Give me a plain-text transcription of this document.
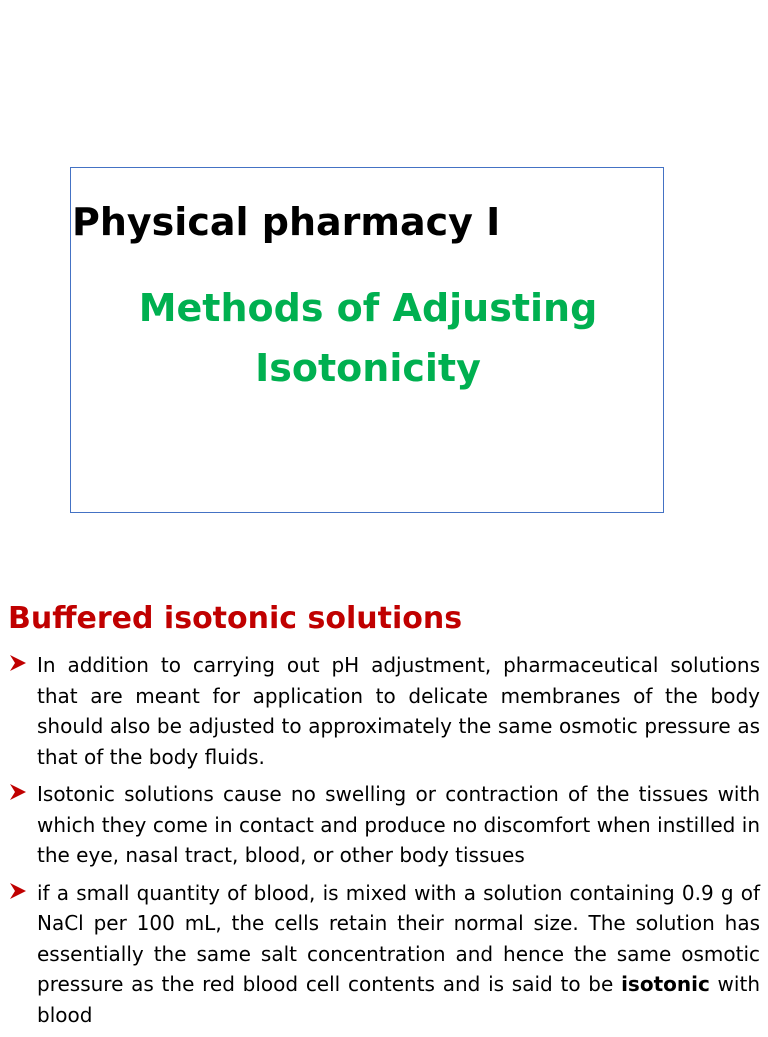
Physical pharmacy I
Methods of Adjusting
Isotonicity
Buffered isotonic solutions
In addition to carrying out pH adjustment, pharmaceutical solutions that are meant for application to delicate membranes of the body should also be adjusted to approximately the same osmotic pressure as that of the body fluids.
Isotonic solutions cause no swelling or contraction of the tissues with which they come in contact and produce no discomfort when instilled in the eye, nasal tract, blood, or other body tissues
if a small quantity of blood, is mixed with a solution containing 0.9 g of NaCl per 100 mL, the cells retain their normal size. The solution has essentially the same salt concentration and hence the same osmotic pressure as the red blood cell contents and is said to be isotonic with blood
